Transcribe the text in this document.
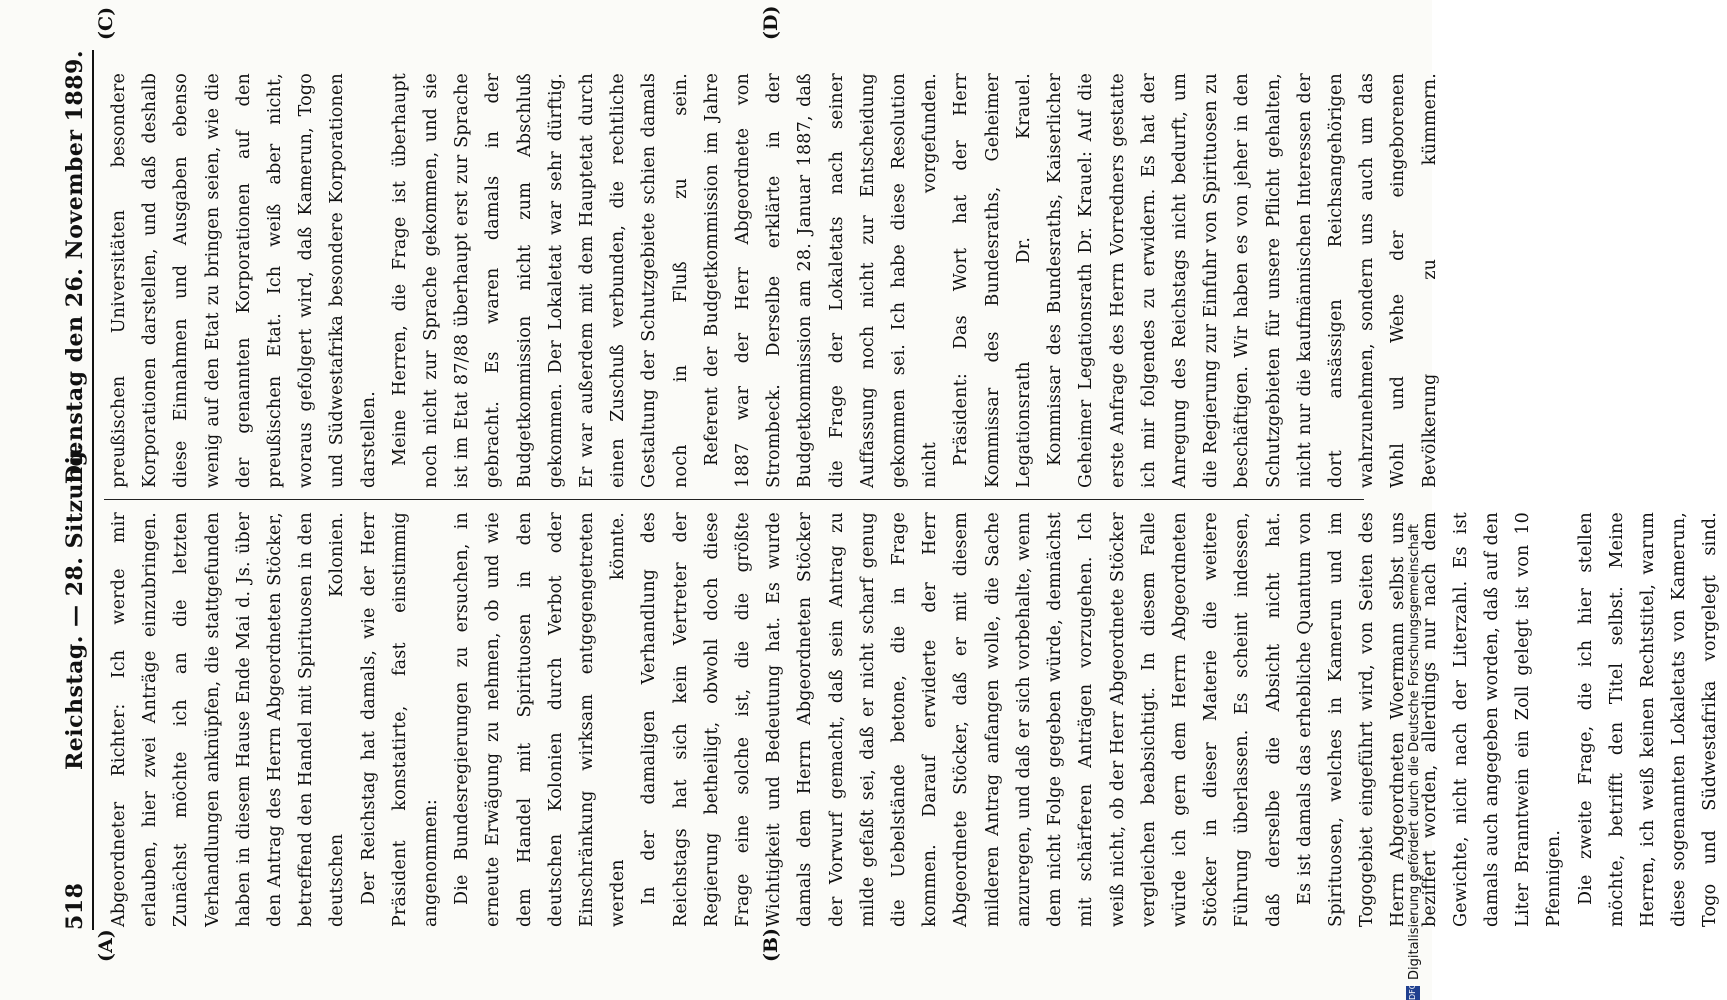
518
Reichstag. — 28. Sitzung.
Dienstag den 26. November 1889.
(A)	(B)
(C)	(D)

Abgeordneter Richter: Ich werde mir erlauben, hier zwei Anträge einzubringen. Zunächst möchte ich an die letzten Verhandlungen anknüpfen, die stattgefunden haben in diesem Hause Ende Mai d. Js. über den Antrag des Herrn Abgeordneten Stöcker, betreffend den Handel mit Spirituosen in den deutschen Kolonien. Der Reichstag hat damals, wie der Herr Präsident konstatirte, fast einstimmig angenommen: Die Bundesregierungen zu ersuchen, in erneute Erwägung zu nehmen, ob und wie dem Handel mit Spirituosen in den deutschen Kolonien durch Verbot oder Einschränkung wirksam entgegengetreten werden könnte. In der damaligen Verhandlung des Reichstags hat sich kein Vertreter der Regierung betheiligt, obwohl doch diese Frage eine solche ist, die die größte Wichtigkeit und Bedeutung hat. Es wurde damals dem Herrn Abgeordneten Stöcker der Vorwurf gemacht, daß sein Antrag zu milde gefaßt sei, daß er nicht scharf genug die Uebelstände betone, die in Frage kommen. Darauf erwiderte der Herr Abgeordnete Stöcker, daß er mit diesem milderen Antrag anfangen wolle, die Sache anzuregen, und daß er sich vorbehalte, wenn dem nicht Folge gegeben würde, demnächst mit schärferen Anträgen vorzugehen. Ich weiß nicht, ob der Herr Abgeordnete Stöcker vergleichen beabsichtigt. In diesem Falle würde ich gern dem Herrn Abgeordneten Stöcker in dieser Materie die weitere Führung überlassen. Es scheint indessen, daß derselbe die Absicht nicht hat. Es ist damals das erhebliche Quantum von Spirituosen, welches in Kamerun und im Togogebiet eingeführt wird, von Seiten des Herrn Abgeordneten Woermann selbst uns beziffert worden, allerdings nur nach dem Gewichte, nicht nach der Literzahl. Es ist damals auch angegeben worden, daß auf den Liter Branntwein ein Zoll gelegt ist von 10 Pfennigen. Die zweite Frage, die ich hier stellen möchte, betrifft den Titel selbst. Meine Herren, ich weiß keinen Rechtstitel, warum diese sogenannten Lokaletats von Kamerun, Togo und Südwestafrika vorgelegt sind.

preußischen Universitäten besondere Korporationen darstellen, und daß deshalb diese Einnahmen und Ausgaben ebenso wenig auf den Etat zu bringen seien, wie die der genannten Korporationen auf den preußischen Etat. Ich weiß aber nicht, woraus gefolgert wird, daß Kamerun, Togo und Südwestafrika besondere Korporationen darstellen. Meine Herren, die Frage ist überhaupt noch nicht zur Sprache gekommen, und sie ist im Etat 87/88 überhaupt erst zur Sprache gebracht. Es waren damals in der Budgetkommission nicht zum Abschluß gekommen. Der Lokaletat war sehr dürftig. Er war außerdem mit dem Hauptetat durch einen Zuschuß verbunden, die rechtliche Gestaltung der Schutzgebiete schien damals noch in Fluß zu sein. Referent der Budgetkommission im Jahre 1887 war der Herr Abgeordnete von Strombeck. Derselbe erklärte in der Budgetkommission am 28. Januar 1887, daß die Frage der Lokaletats nach seiner Auffassung noch nicht zur Entscheidung gekommen sei. Ich habe diese Resolution nicht vorgefunden. Präsident: Das Wort hat der Herr Kommissar des Bundesraths, Geheimer Legationsrath Dr. Krauel. Kommissar des Bundesraths, Kaiserlicher Geheimer Legationsrath Dr. Krauel: Auf die erste Anfrage des Herrn Vorredners gestatte ich mir folgendes zu erwidern. Es hat der Anregung des Reichstags nicht bedurft, um die Regierung zur Einfuhr von Spirituosen zu beschäftigen. Wir haben es von jeher in den Schutzgebieten für unsere Pflicht gehalten, nicht nur die kaufmännischen Interessen der dort ansässigen Reichsangehörigen wahrzunehmen, sondern uns auch um das Wohl und Wehe der eingeborenen Bevölkerung zu kümmern.

DFG
Digitalisierung gefördert durch die Deutsche Forschungsgemeinschaft
